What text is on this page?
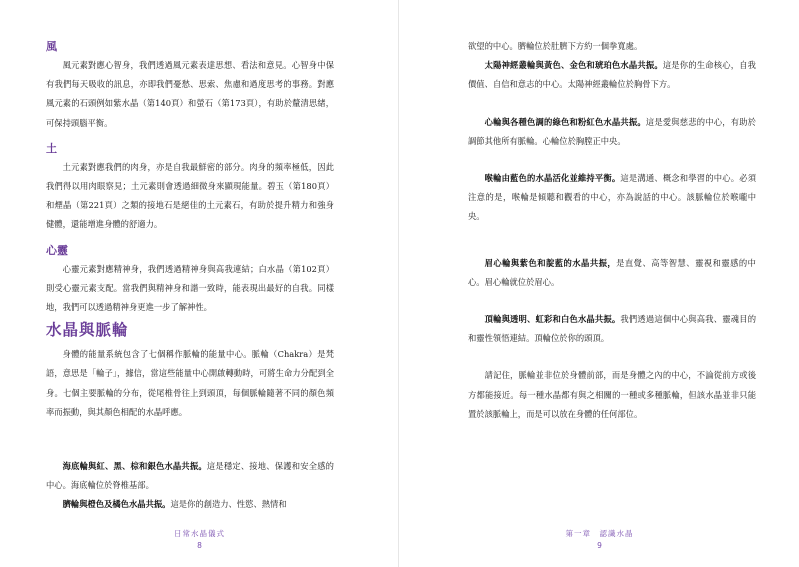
風

風元素對應心智身，我們透過風元素表達思想、看法和意見。心智身中保有我們每天吸收的訊息，亦即我們憂愁、思索、焦慮和過度思考的事務。對應風元素的石頭例如紫水晶（第140頁）和螢石（第173頁），有助於釐清思緒，可保持頭腦平衡。

土

土元素對應我們的肉身，亦是自我最鮮密的部分。肉身的頻率極低，因此我們得以用肉眼察見；土元素則會透過細微身來顯現能量。碧玉（第180頁）和煙晶（第221頁）之類的接地石是絕佳的土元素石，有助於提升精力和強身健體，還能增進身體的舒適力。

心靈

心靈元素對應精神身，我們透過精神身與高我連結；白水晶（第102頁）則受心靈元素支配。當我們與精神身和諧一致時，能表現出最好的自我。同樣地，我們可以透過精神身更進一步了解神性。

水晶與脈輪

身體的能量系統包含了七個稱作脈輪的能量中心。脈輪（Chakra）是梵語，意思是「輪子」，據信，當這些能量中心開啟轉動時，可將生命力分配到全身。七個主要脈輪的分布，從尾椎骨往上到頭頂，每個脈輪隨著不同的顏色頻率而振動，與其顏色相配的水晶呼應。

海底輪與紅、黑、棕和銀色水晶共振。這是穩定、接地、保護和安全感的中心。海底輪位於脊椎基部。

臍輪與橙色及橘色水晶共振。這是你的創造力、性慾、熱情和

日常水晶儀式
8

欲望的中心。臍輪位於肚臍下方約一個拳寬處。

太陽神經叢輪與黃色、金色和琥珀色水晶共振。這是你的生命核心，自我價值、自信和意志的中心。太陽神經叢輪位於胸骨下方。

心輪與各種色調的綠色和粉紅色水晶共振。這是愛與慈悲的中心，有助於調節其他所有脈輪。心輪位於胸膛正中央。

喉輪由藍色的水晶活化並維持平衡。這是溝通、概念和學習的中心。必須注意的是，喉輪是傾聽和觀看的中心，亦為說話的中心。該脈輪位於喉嚨中央。

眉心輪與紫色和靛藍的水晶共振，是直覺、高等智慧、靈視和靈感的中心。眉心輪就位於眉心。

頂輪與透明、虹彩和白色水晶共振。我們透過這個中心與高我、靈魂目的和靈性領悟連結。頂輪位於你的頭頂。

請記住，脈輪並非位於身體前部，而是身體之內的中心，不論從前方或後方都能接近。每一種水晶都有與之相關的一種或多種脈輪，但該水晶並非只能置於該脈輪上，而是可以放在身體的任何部位。

第一章　認識水晶
9
